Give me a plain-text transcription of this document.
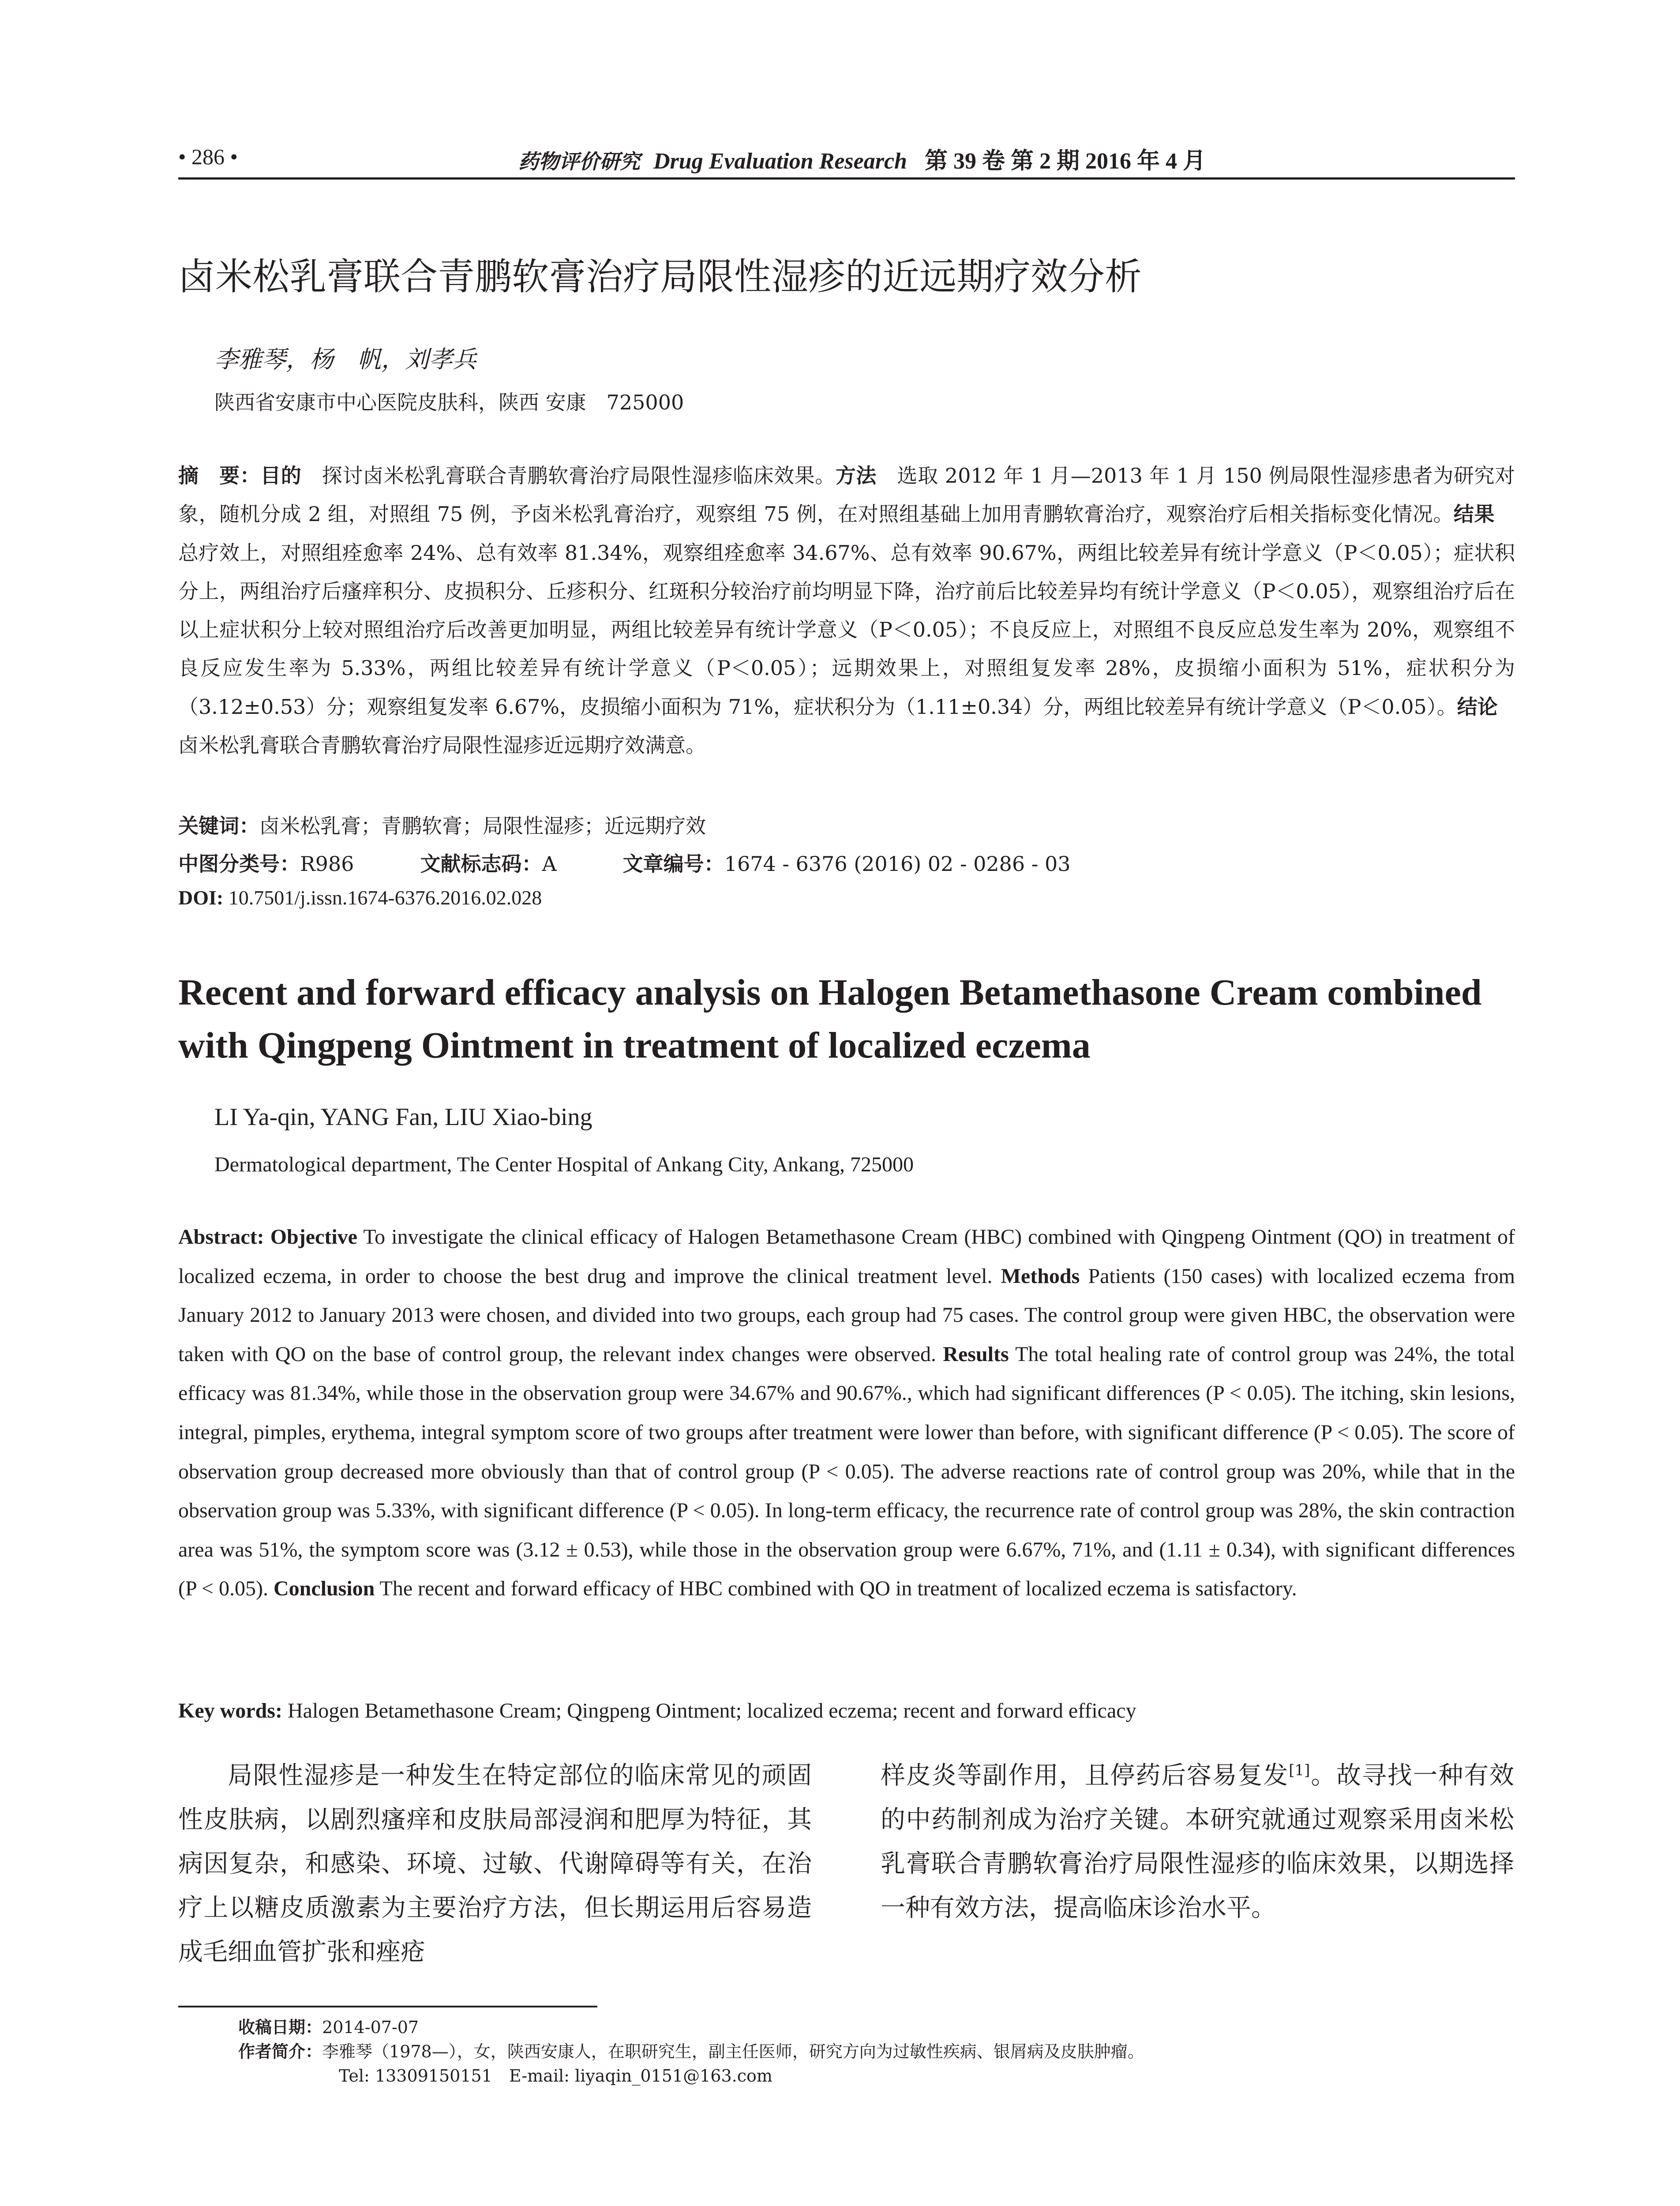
• 286 •	药物评价研究 Drug Evaluation Research 第 39 卷 第 2 期 2016 年 4 月
卤米松乳膏联合青鹏软膏治疗局限性湿疹的近远期疗效分析
李雅琴，杨　帆，刘孝兵
陕西省安康市中心医院皮肤科，陕西 安康　725000
摘　要：目的　探讨卤米松乳膏联合青鹏软膏治疗局限性湿疹临床效果。方法　选取 2012 年 1 月—2013 年 1 月 150 例局限性湿疹患者为研究对象，随机分成 2 组，对照组 75 例，予卤米松乳膏治疗，观察组 75 例，在对照组基础上加用青鹏软膏治疗，观察治疗后相关指标变化情况。结果　总疗效上，对照组痊愈率 24%、总有效率 81.34%，观察组痊愈率 34.67%、总有效率 90.67%，两组比较差异有统计学意义（P＜0.05）；症状积分上，两组治疗后瘙痒积分、皮损积分、丘疹积分、红斑积分较治疗前均明显下降，治疗前后比较差异均有统计学意义（P＜0.05），观察组治疗后在以上症状积分上较对照组治疗后改善更加明显，两组比较差异有统计学意义（P＜0.05）；不良反应上，对照组不良反应总发生率为 20%，观察组不良反应发生率为 5.33%，两组比较差异有统计学意义（P＜0.05）；远期效果上，对照组复发率 28%，皮损缩小面积为 51%，症状积分为（3.12±0.53）分；观察组复发率 6.67%，皮损缩小面积为 71%，症状积分为（1.11±0.34）分，两组比较差异有统计学意义（P＜0.05）。结论　卤米松乳膏联合青鹏软膏治疗局限性湿疹近远期疗效满意。
关键词：卤米松乳膏；青鹏软膏；局限性湿疹；近远期疗效
中图分类号：R986	文献标志码：A	文章编号：1674 - 6376 (2016) 02 - 0286 - 03
DOI: 10.7501/j.issn.1674-6376.2016.02.028
Recent and forward efficacy analysis on Halogen Betamethasone Cream combined with Qingpeng Ointment in treatment of localized eczema
LI Ya-qin, YANG Fan, LIU Xiao-bing
Dermatological department, The Center Hospital of Ankang City, Ankang, 725000
Abstract: Objective To investigate the clinical efficacy of Halogen Betamethasone Cream (HBC) combined with Qingpeng Ointment (QO) in treatment of localized eczema, in order to choose the best drug and improve the clinical treatment level. Methods Patients (150 cases) with localized eczema from January 2012 to January 2013 were chosen, and divided into two groups, each group had 75 cases. The control group were given HBC, the observation were taken with QO on the base of control group, the relevant index changes were observed. Results The total healing rate of control group was 24%, the total efficacy was 81.34%, while those in the observation group were 34.67% and 90.67%., which had significant differences (P < 0.05). The itching, skin lesions, integral, pimples, erythema, integral symptom score of two groups after treatment were lower than before, with significant difference (P < 0.05). The score of observation group decreased more obviously than that of control group (P < 0.05). The adverse reactions rate of control group was 20%, while that in the observation group was 5.33%, with significant difference (P < 0.05). In long-term efficacy, the recurrence rate of control group was 28%, the skin contraction area was 51%, the symptom score was (3.12 ± 0.53), while those in the observation group were 6.67%, 71%, and (1.11 ± 0.34), with significant differences (P < 0.05). Conclusion The recent and forward efficacy of HBC combined with QO in treatment of localized eczema is satisfactory.
Key words: Halogen Betamethasone Cream; Qingpeng Ointment; localized eczema; recent and forward efficacy
局限性湿疹是一种发生在特定部位的临床常见的顽固性皮肤病，以剧烈瘙痒和皮肤局部浸润和肥厚为特征，其病因复杂，和感染、环境、过敏、代谢障碍等有关，在治疗上以糖皮质激素为主要治疗方法，但长期运用后容易造成毛细血管扩张和痤疮
样皮炎等副作用，且停药后容易复发[1]。故寻找一种有效的中药制剂成为治疗关键。本研究就通过观察采用卤米松乳膏联合青鹏软膏治疗局限性湿疹的临床效果，以期选择一种有效方法，提高临床诊治水平。
收稿日期：2014-07-07
作者简介：李雅琴（1978—），女，陕西安康人，在职研究生，副主任医师，研究方向为过敏性疾病、银屑病及皮肤肿瘤。
Tel: 13309150151　E-mail: liyaqin_0151@163.com
